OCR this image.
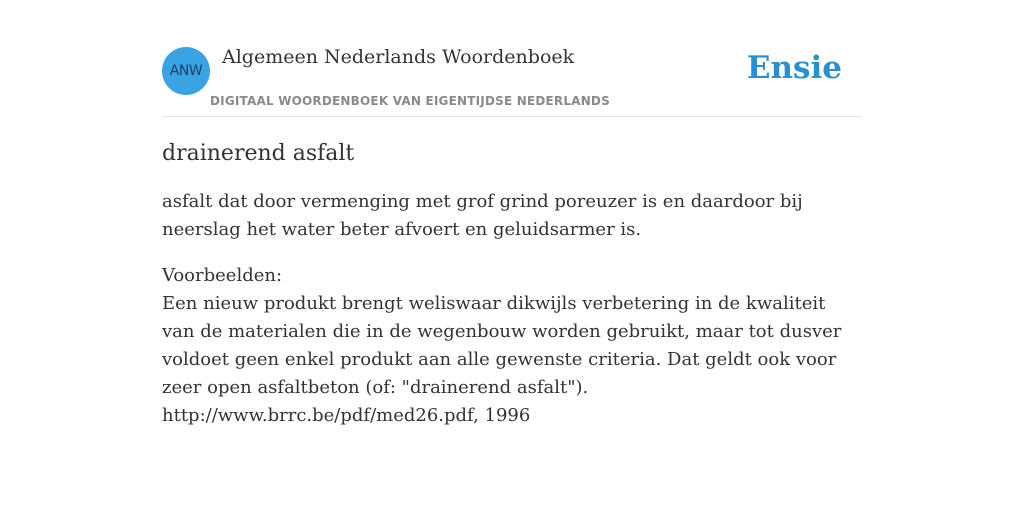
ANW
Algemeen Nederlands Woordenboek
DIGITAAL WOORDENBOEK VAN EIGENTIJDSE NEDERLANDS
Ensie
drainerend asfalt

asfalt dat door vermenging met grof grind poreuzer is en daardoor bij neerslag het water beter afvoert en geluidsarmer is.

Voorbeelden:
Een nieuw produkt brengt weliswaar dikwijls verbetering in de kwaliteit van de materialen die in de wegenbouw worden gebruikt, maar tot dusver voldoet geen enkel produkt aan alle gewenste criteria. Dat geldt ook voor zeer open asfaltbeton (of: "drainerend asfalt").
http://www.brrc.be/pdf/med26.pdf, 1996
